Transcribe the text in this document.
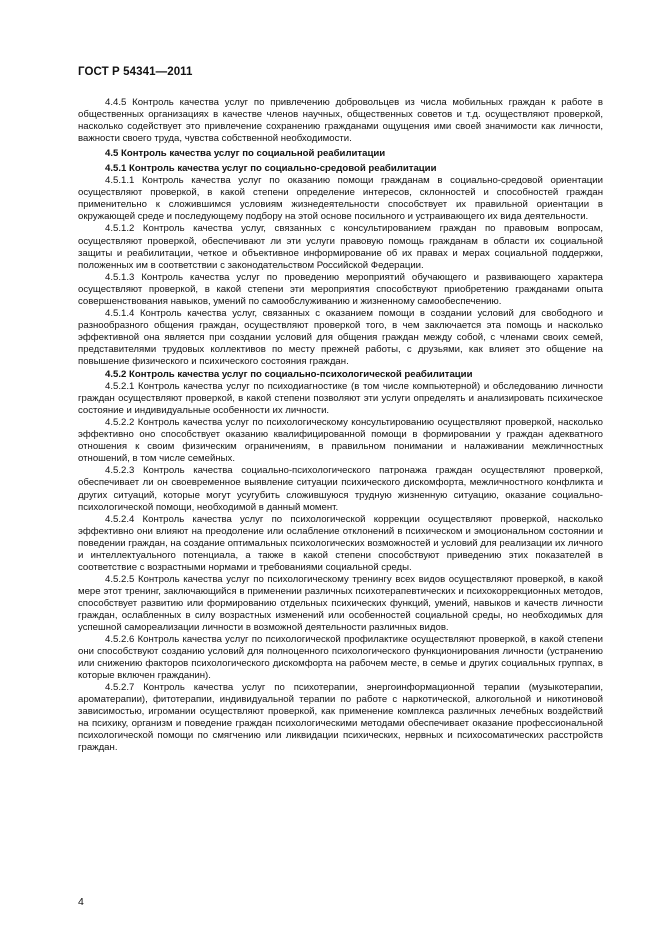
ГОСТ Р 54341—2011

4.4.5 Контроль качества услуг по привлечению добровольцев из числа мобильных граждан к работе в общественных организациях в качестве членов научных, общественных советов и т.д. осуществляют проверкой, насколько содействует это привлечение сохранению гражданами ощущения ими своей значимости как личности, важности своего труда, чувства собственной необходимости.

4.5 Контроль качества услуг по социальной реабилитации

4.5.1 Контроль качества услуг по социально-средовой реабилитации

4.5.1.1 Контроль качества услуг по оказанию помощи гражданам в социально-средовой ориентации осуществляют проверкой, в какой степени определение интересов, склонностей и способностей граждан применительно к сложившимся условиям жизнедеятельности способствует их правильной ориентации в окружающей среде и последующему подбору на этой основе посильного и устраивающего их вида деятельности.

4.5.1.2 Контроль качества услуг, связанных с консультированием граждан по правовым вопросам, осуществляют проверкой, обеспечивают ли эти услуги правовую помощь гражданам в области их социальной защиты и реабилитации, четкое и объективное информирование об их правах и мерах социальной поддержки, положенных им в соответствии с законодательством Российской Федерации.

4.5.1.3 Контроль качества услуг по проведению мероприятий обучающего и развивающего характера осуществляют проверкой, в какой степени эти мероприятия способствуют приобретению гражданами опыта совершенствования навыков, умений по самообслуживанию и жизненному самообеспечению.

4.5.1.4 Контроль качества услуг, связанных с оказанием помощи в создании условий для свободного и разнообразного общения граждан, осуществляют проверкой того, в чем заключается эта помощь и насколько эффективной она является при создании условий для общения граждан между собой, с членами своих семей, представителями трудовых коллективов по месту прежней работы, с друзьями, как влияет это общение на повышение физического и психического состояния граждан.

4.5.2 Контроль качества услуг по социально-психологической реабилитации

4.5.2.1 Контроль качества услуг по психодиагностике (в том числе компьютерной) и обследованию личности граждан осуществляют проверкой, в какой степени позволяют эти услуги определять и анализировать психическое состояние и индивидуальные особенности их личности.

4.5.2.2 Контроль качества услуг по психологическому консультированию осуществляют проверкой, насколько эффективно оно способствует оказанию квалифицированной помощи в формировании у граждан адекватного отношения к своим физическим ограничениям, в правильном понимании и налаживании межличностных отношений, в том числе семейных.

4.5.2.3 Контроль качества социально-психологического патронажа граждан осуществляют проверкой, обеспечивает ли он своевременное выявление ситуации психического дискомфорта, межличностного конфликта и других ситуаций, которые могут усугубить сложившуюся трудную жизненную ситуацию, оказание социально-психологической помощи, необходимой в данный момент.

4.5.2.4 Контроль качества услуг по психологической коррекции осуществляют проверкой, насколько эффективно они влияют на преодоление или ослабление отклонений в психическом и эмоциональном состоянии и поведении граждан, на создание оптимальных психологических возможностей и условий для реализации их личного и интеллектуального потенциала, а также в какой степени способствуют приведению этих показателей в соответствие с возрастными нормами и требованиями социальной среды.

4.5.2.5 Контроль качества услуг по психологическому тренингу всех видов осуществляют проверкой, в какой мере этот тренинг, заключающийся в применении различных психотерапевтических и психокоррекционных методов, способствует развитию или формированию отдельных психических функций, умений, навыков и качеств личности граждан, ослабленных в силу возрастных изменений или особенностей социальной среды, но необходимых для успешной самореализации личности в возможной деятельности различных видов.

4.5.2.6 Контроль качества услуг по психологической профилактике осуществляют проверкой, в какой степени они способствуют созданию условий для полноценного психологического функционирования личности (устранению или снижению факторов психологического дискомфорта на рабочем месте, в семье и других социальных группах, в которые включен гражданин).

4.5.2.7 Контроль качества услуг по психотерапии, энергоинформационной терапии (музыкотерапии, ароматерапии), фитотерапии, индивидуальной терапии по работе с наркотической, алкогольной и никотиновой зависимостью, игромании осуществляют проверкой, как применение комплекса различных лечебных воздействий на психику, организм и поведение граждан психологическими методами обеспечивает оказание профессиональной психологической помощи по смягчению или ликвидации психических, нервных и психосоматических расстройств граждан.

4
